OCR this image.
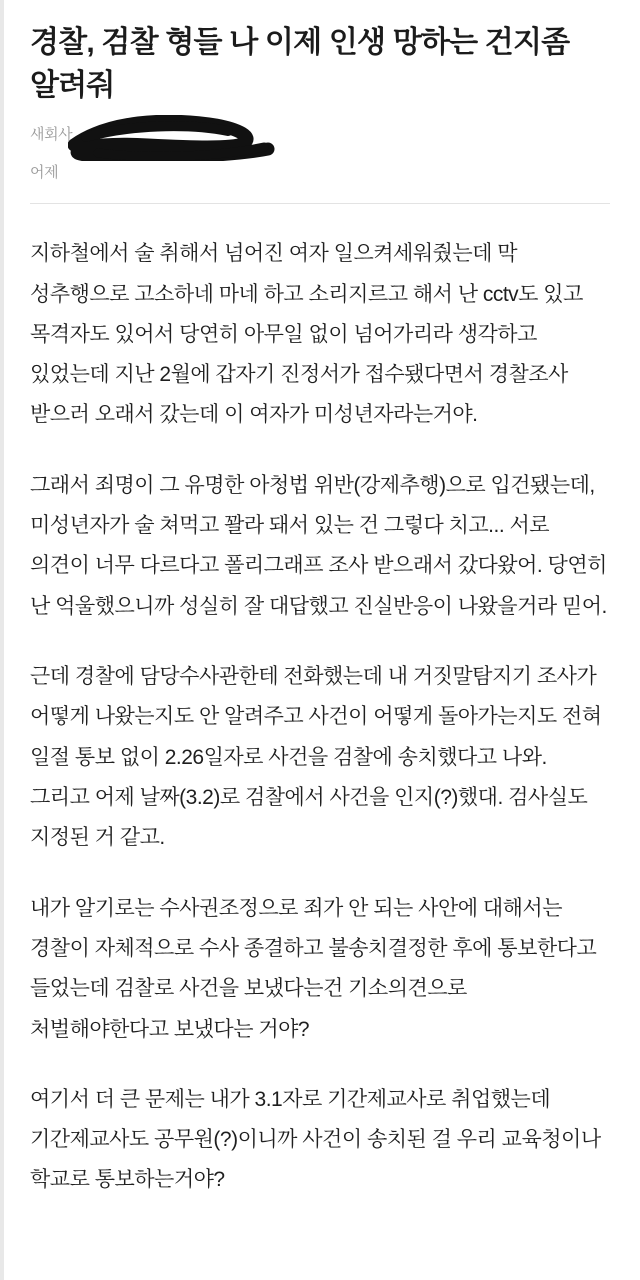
경찰, 검찰 형들 나 이제 인생 망하는 건지좀 알려줘
새회사
어제

지하철에서 술 취해서 넘어진 여자 일으켜세워줬는데 막 성추행으로 고소하네 마네 하고 소리지르고 해서 난 cctv도 있고 목격자도 있어서 당연히 아무일 없이 넘어가리라 생각하고 있었는데 지난 2월에 갑자기 진정서가 접수됐다면서 경찰조사 받으러 오래서 갔는데 이 여자가 미성년자라는거야.

그래서 죄명이 그 유명한 아청법 위반(강제추행)으로 입건됐는데, 미성년자가 술 쳐먹고 꽐라 돼서 있는 건 그렇다 치고... 서로 의견이 너무 다르다고 폴리그래프 조사 받으래서 갔다왔어. 당연히 난 억울했으니까 성실히 잘 대답했고 진실반응이 나왔을거라 믿어.

근데 경찰에 담당수사관한테 전화했는데 내 거짓말탐지기 조사가 어떻게 나왔는지도 안 알려주고 사건이 어떻게 돌아가는지도 전혀 일절 통보 없이 2.26일자로 사건을 검찰에 송치했다고 나와. 그리고 어제 날짜(3.2)로 검찰에서 사건을 인지(?)했대. 검사실도 지정된 거 같고.

내가 알기로는 수사권조정으로 죄가 안 되는 사안에 대해서는 경찰이 자체적으로 수사 종결하고 불송치결정한 후에 통보한다고 들었는데 검찰로 사건을 보냈다는건 기소의견으로 처벌해야한다고 보냈다는 거야?

여기서 더 큰 문제는 내가 3.1자로 기간제교사로 취업했는데 기간제교사도 공무원(?)이니까 사건이 송치된 걸 우리 교육청이나 학교로 통보하는거야?
